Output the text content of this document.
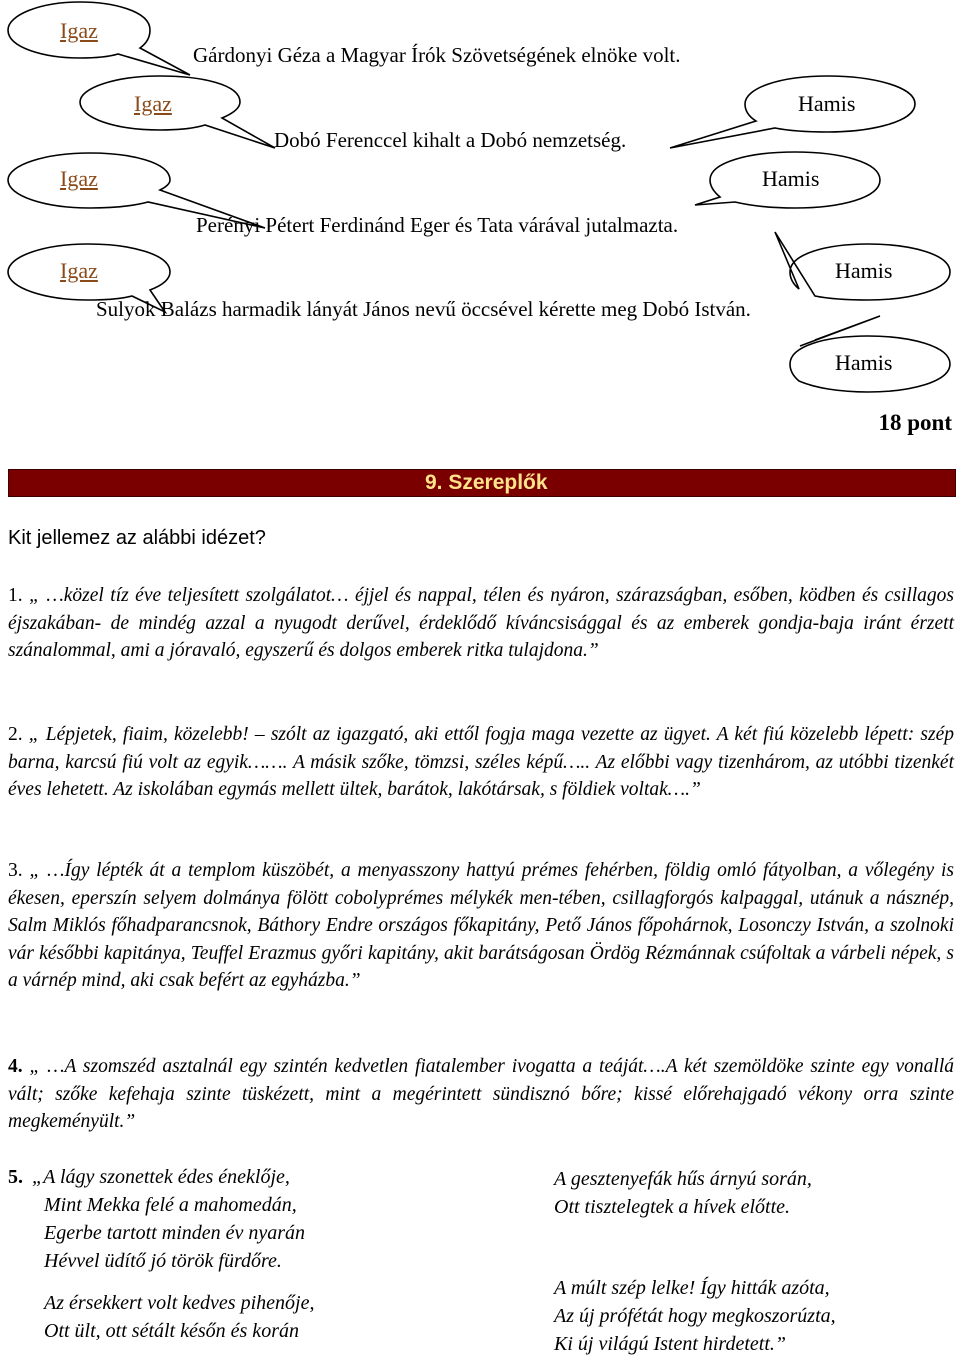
Igaz
Igaz
Igaz
Igaz
Hamis
Hamis
Hamis
Hamis
Gárdonyi Géza a Magyar Írók Szövetségének elnöke volt.
Dobó Ferenccel kihalt a Dobó nemzetség.
Perényi Pétert Ferdinánd Eger és Tata várával jutalmazta.
Sulyok Balázs harmadik lányát János nevű öccsével kérette meg Dobó István.
18 pont
9. Szereplők
Kit jellemez az alábbi idézet?
1. „ …közel tíz éve teljesített szolgálatot… éjjel és nappal, télen és nyáron, szárazságban, esőben, ködben és csillagos éjszakában- de mindég azzal a nyugodt derűvel, érdeklődő kíváncsisággal és az emberek gondja-baja iránt érzett szánalommal, ami a jóravaló, egyszerű és dolgos emberek ritka tulajdona.”
2. „ Lépjetek, fiaim, közelebb! – szólt az igazgató, aki ettől fogja maga vezette az ügyet. A két fiú közelebb lépett: szép barna, karcsú fiú volt az egyik……. A másik szőke, tömzsi, széles képű….. Az előbbi vagy tizenhárom, az utóbbi tizenkét éves lehetett. Az iskolában egymás mellett ültek, barátok, lakótársak, s földiek voltak….”
3. „ …Így lépték át a templom küszöbét, a menyasszony hattyú prémes fehérben, földig omló fátyolban, a vőlegény is ékesen, eperszín selyem dolmánya fölött cobolyprémes mélykék men-tében, csillagforgós kalpaggal, utánuk a násznép, Salm Miklós főhadparancsnok, Báthory Endre országos főkapitány, Pető János főpohárnok, Losonczy István, a szolnoki vár későbbi kapitánya, Teuffel Erazmus győri kapitány, akit barátságosan Ördög Rézmánnak csúfoltak a várbeli népek, s a várnép mind, aki csak befért az egyházba.”
4. „ …A szomszéd asztalnál egy szintén kedvetlen fiatalember ivogatta a teáját….A két szemöldöke szinte egy vonallá vált; szőke kefehaja szinte tüskézett, mint a megérintett sündisznó bőre; kissé előrehajgadó vékony orra szinte megkeményült.”
5. „A lágy szonettek édes éneklője,
Mint Mekka felé a mahomedán,
Egerbe tartott minden év nyarán
Hévvel üdítő jó török fürdőre.
Az érsekkert volt kedves pihenője,
Ott ült, ott sétált későn és korán
A gesztenyefák hűs árnyú során,
Ott tisztelegtek a hívek előtte.
A múlt szép lelke! Így hitták azóta,
Az új prófétát hogy megkoszorúzta,
Ki új világú Istent hirdetett.”
